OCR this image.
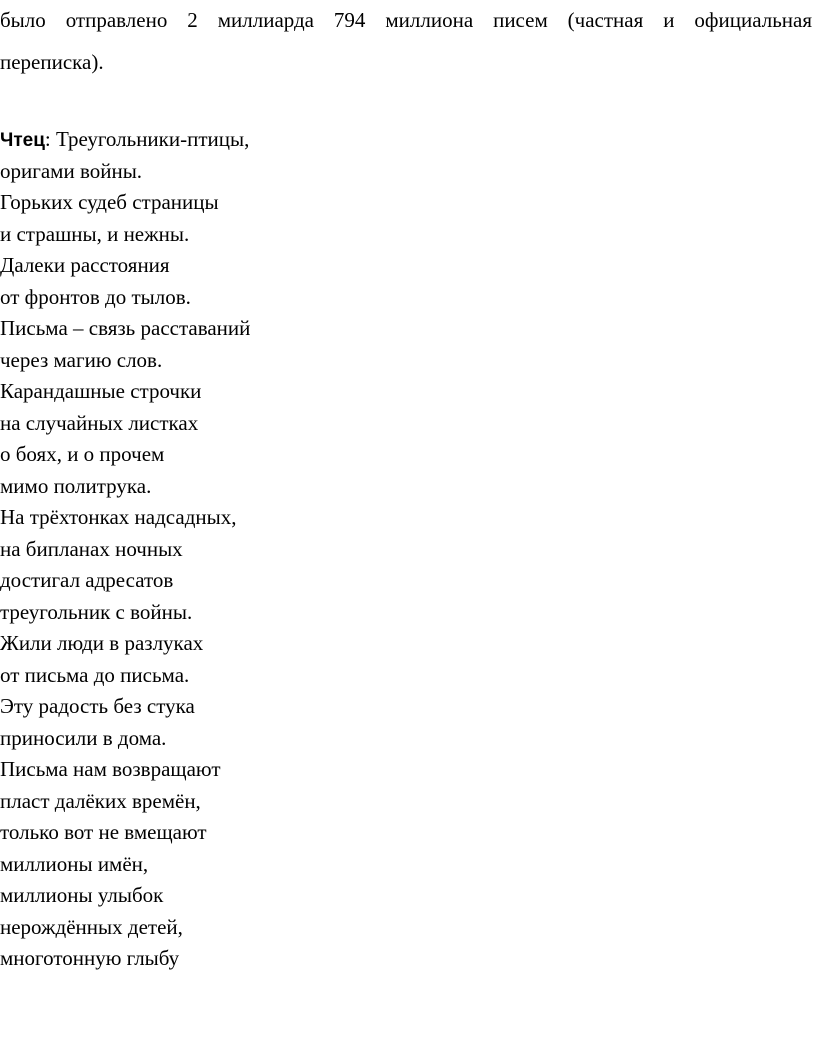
было отправлено 2 миллиарда 794 миллиона писем (частная и официальная
переписка).
Чтец: Треугольники-птицы,
оригами войны.
Горьких судеб страницы
и страшны, и нежны.
Далеки расстояния
от фронтов до тылов.
Письма – связь расставаний
через магию слов.
Карандашные строчки
на случайных листках
о боях, и о прочем
мимо политрука.
На трёхтонках надсадных,
на бипланах ночных
достигал адресатов
треугольник с войны.
Жили люди в разлуках
от письма до письма.
Эту радость без стука
приносили в дома.
Письма нам возвращают
пласт далёких времён,
только вот не вмещают
миллионы имён,
миллионы улыбок
нерождённых детей,
многотонную глыбу
